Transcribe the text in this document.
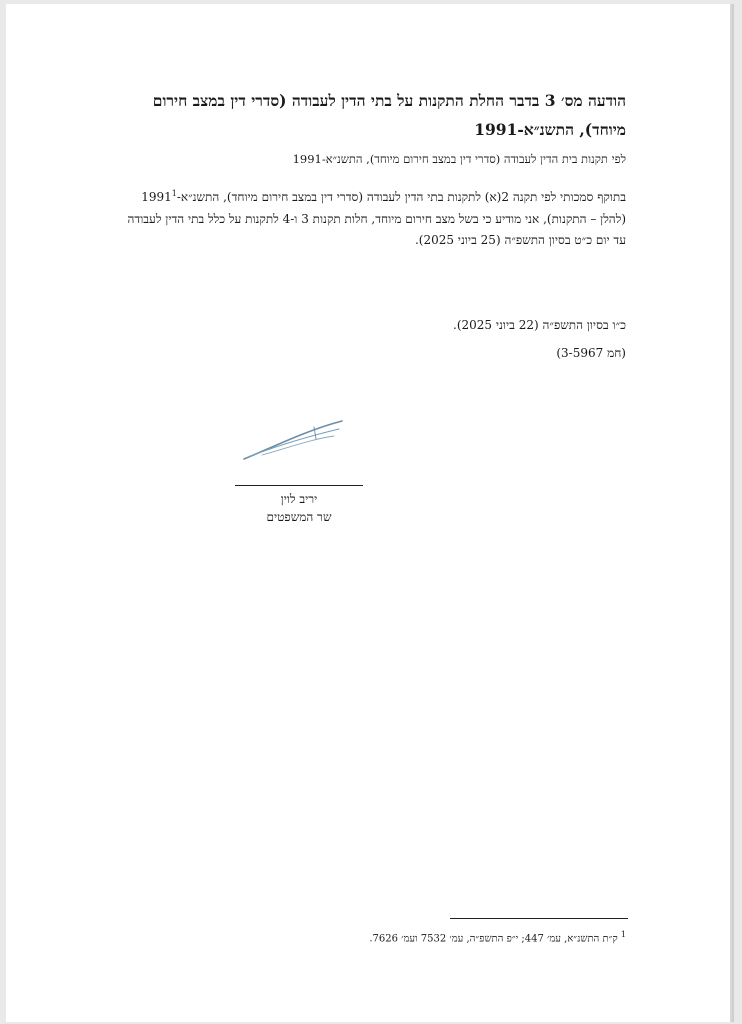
הודעה מס׳ 3 בדבר החלת התקנות על בתי הדין לעבודה (סדרי דין במצב חירום מיוחד), התשנ״א-1991
לפי תקנות בית הדין לעבודה (סדרי דין במצב חירום מיוחד), התשנ״א-1991
בתוקף סמכותי לפי תקנה 2(א) לתקנות בתי הדין לעבודה (סדרי דין במצב חירום מיוחד), התשנ״א-1991$^1$ (להלן – התקנות), אני מודיע כי בשל מצב חירום מיוחד, חלות תקנות 3 ו-4 לתקנות על כלל בתי הדין לעבודה עד יום כ״ט בסיון התשפ״ה (25 ביוני 2025).
כ״ו בסיון התשפ״ה (22 ביוני 2025).
(חמ 3-5967)
יריב לוין
שר המשפטים
$^1$ ק״ת התשנ״א, עמ׳ 447; י״פ התשפ״ה, עמ׳ 7532 ועמ׳ 7626.
